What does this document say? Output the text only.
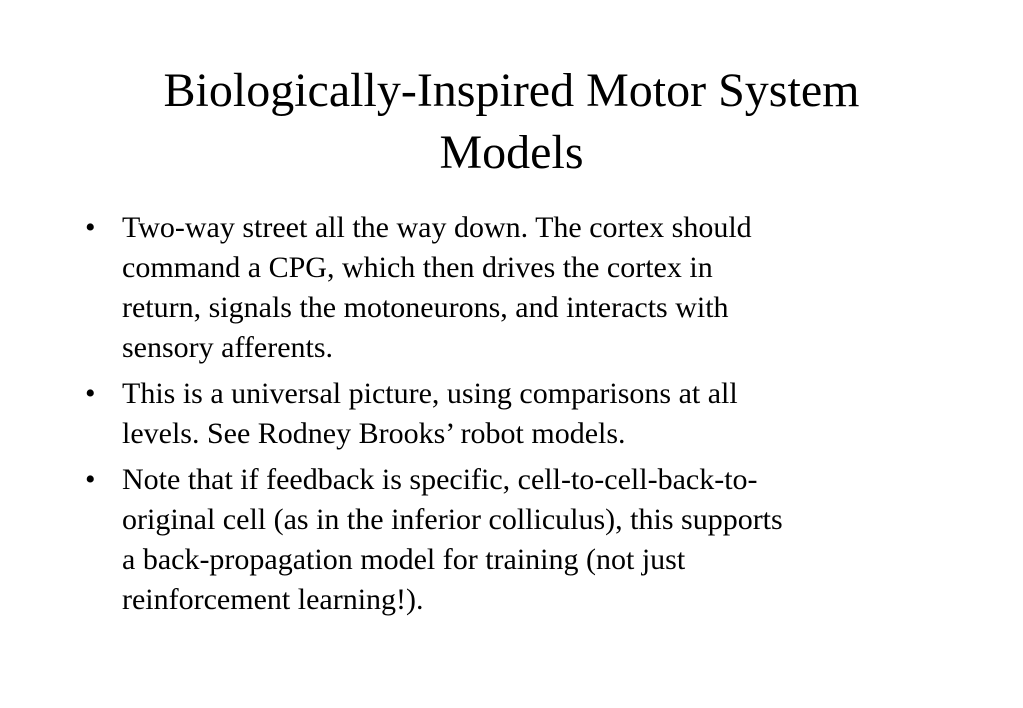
Biologically-Inspired Motor System
Models
• Two-way street all the way down. The cortex should
command a CPG, which then drives the cortex in
return, signals the motoneurons, and interacts with
sensory afferents.
• This is a universal picture, using comparisons at all
levels. See Rodney Brooks’ robot models.
• Note that if feedback is specific, cell-to-cell-back-to-
original cell (as in the inferior colliculus), this supports
a back-propagation model for training (not just
reinforcement learning!).
